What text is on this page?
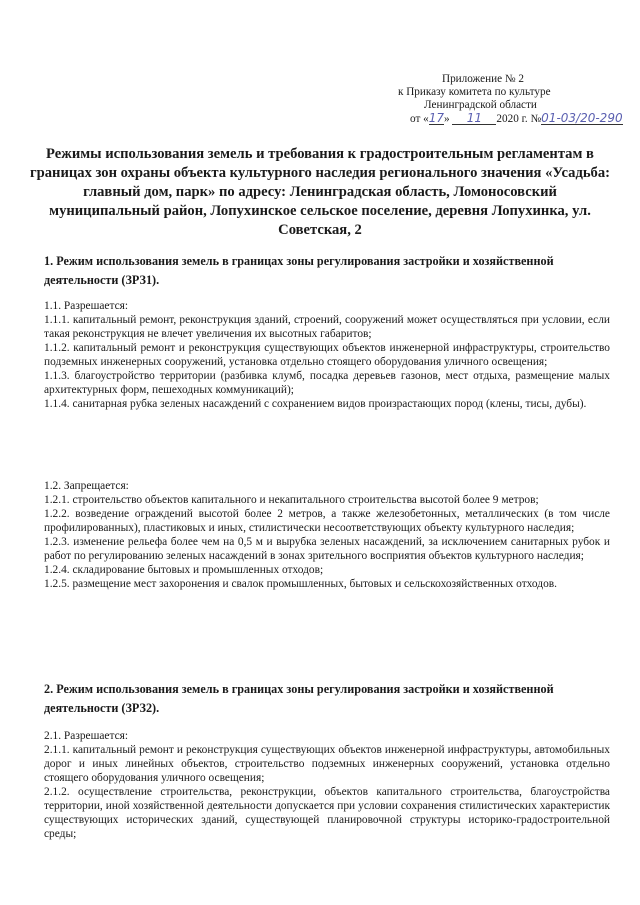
Приложение № 2
к Приказу комитета по культуре
Ленинградской области
от «17» 11 2020 г. №01-03/20-290
Режимы использования земель и требования к градостроительным регламентам в границах зон охраны объекта культурного наследия регионального значения «Усадьба: главный дом, парк» по адресу: Ленинградская область, Ломоносовский муниципальный район, Лопухинское сельское поселение, деревня Лопухинка, ул. Советская, 2
1. Режим использования земель в границах зоны регулирования застройки и хозяйственной деятельности (ЗРЗ1).

1.1. Разрешается:

1.1.1. капитальный ремонт, реконструкция зданий, строений, сооружений может осуществляться при условии, если такая реконструкция не влечет увеличения их высотных габаритов;

1.1.2. капитальный ремонт и реконструкция существующих объектов инженерной инфраструктуры, строительство подземных инженерных сооружений, установка отдельно стоящего оборудования уличного освещения;

1.1.3. благоустройство территории (разбивка клумб, посадка деревьев газонов, мест отдыха, размещение малых архитектурных форм, пешеходных коммуникаций);

1.1.4. санитарная рубка зеленых насаждений с сохранением видов произрастающих пород (клены, тисы, дубы).

1.2. Запрещается:

1.2.1. строительство объектов капитального и некапитального строительства высотой более 9 метров;

1.2.2. возведение ограждений высотой более 2 метров, а также железобетонных, металлических (в том числе профилированных), пластиковых и иных, стилистически несоответствующих объекту культурного наследия;

1.2.3. изменение рельефа более чем на 0,5 м и вырубка зеленых насаждений, за исключением санитарных рубок и работ по регулированию зеленых насаждений в зонах зрительного восприятия объектов культурного наследия;

1.2.4. складирование бытовых и промышленных отходов;

1.2.5. размещение мест захоронения и свалок промышленных, бытовых и сельскохозяйственных отходов.

2. Режим использования земель в границах зоны регулирования застройки и хозяйственной деятельности (ЗРЗ2).

2.1. Разрешается:

2.1.1. капитальный ремонт и реконструкция существующих объектов инженерной инфраструктуры, автомобильных дорог и иных линейных объектов, строительство подземных инженерных сооружений, установка отдельно стоящего оборудования уличного освещения;

2.1.2. осуществление строительства, реконструкции, объектов капитального строительства, благоустройства территории, иной хозяйственной деятельности допускается при условии сохранения стилистических характеристик существующих исторических зданий, существующей планировочной структуры историко-градостроительной среды;
